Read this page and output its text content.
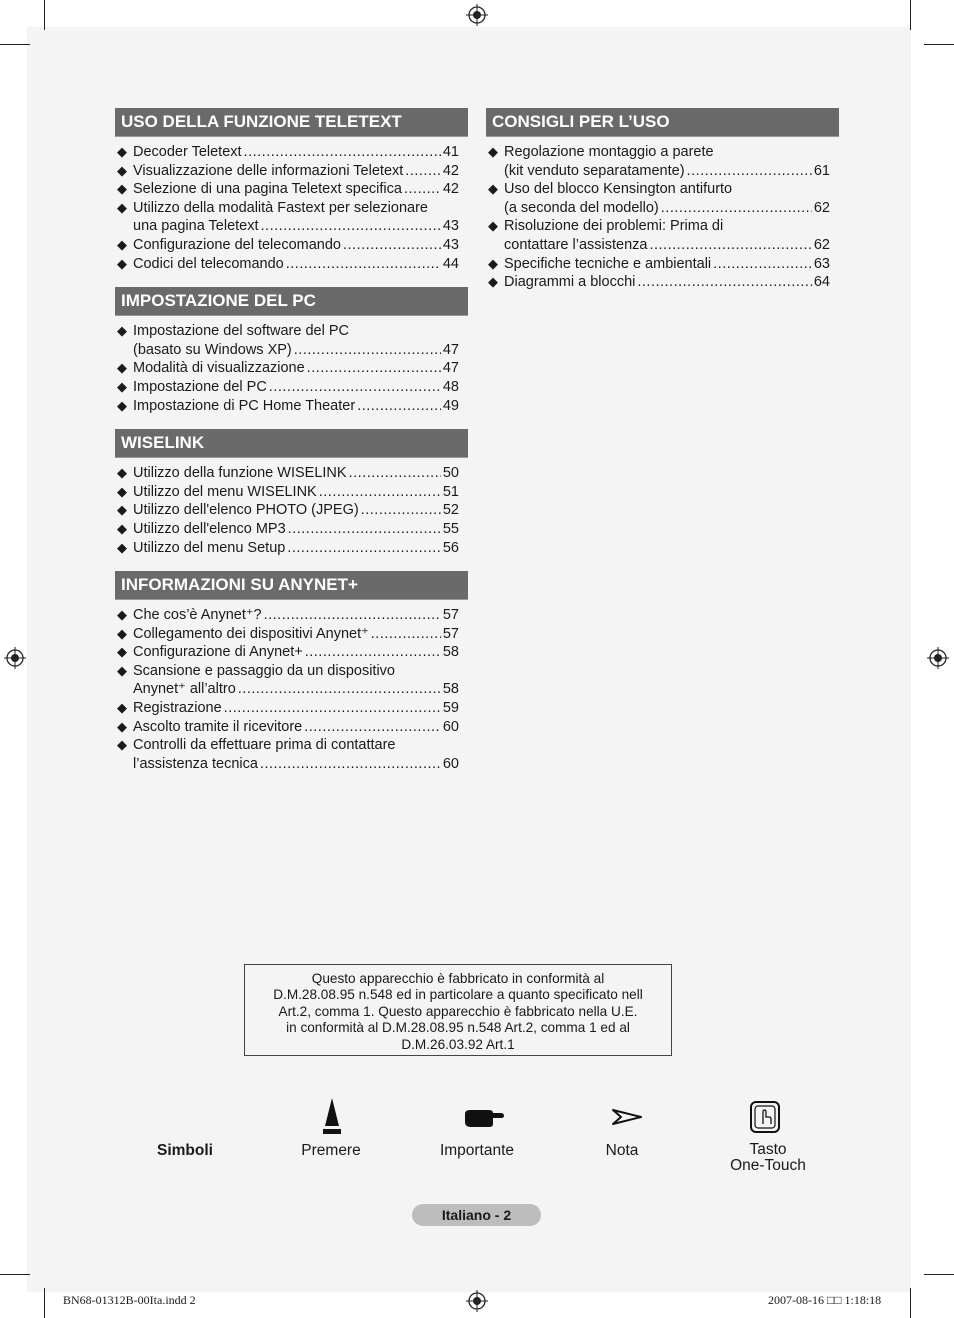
USO DELLA FUNZIONE TELETEXT
◆ Decoder Teletext .....	41
◆ Visualizzazione delle informazioni Teletext .....	42
◆ Selezione di una pagina Teletext specifica .....	42
◆ Utilizzo della modalità Fastext per selezionare
una pagina Teletext .....	43
◆ Configurazione del telecomando .....	43
◆ Codici del telecomando .....	44
IMPOSTAZIONE DEL PC
◆ Impostazione del software del PC
(basato su Windows XP) .....	47
◆ Modalità di visualizzazione .....	47
◆ Impostazione del PC .....	48
◆ Impostazione di PC Home Theater .....	49
WISELINK
◆ Utilizzo della funzione WISELINK .....	50
◆ Utilizzo del menu WISELINK .....	51
◆ Utilizzo dell'elenco PHOTO (JPEG) .....	52
◆ Utilizzo dell'elenco MP3 .....	55
◆ Utilizzo del menu Setup .....	56
INFORMAZIONI SU ANYNET+
◆ Che cos’è Anynet⁺? .....	57
◆ Collegamento dei dispositivi Anynet⁺ .....	57
◆ Configurazione di Anynet+ .....	58
◆ Scansione e passaggio da un dispositivo
Anynet⁺ all’altro .....	58
◆ Registrazione .....	59
◆ Ascolto tramite il ricevitore .....	60
◆ Controlli da effettuare prima di contattare
l’assistenza tecnica .....	60
CONSIGLI PER L’USO
◆ Regolazione montaggio a parete
(kit venduto separatamente) .....	61
◆ Uso del blocco Kensington antifurto
(a seconda del modello) .....	62
◆ Risoluzione dei problemi: Prima di
contattare l’assistenza .....	62
◆ Specifiche tecniche e ambientali .....	63
◆ Diagrammi a blocchi .....	64
Questo apparecchio è fabbricato in conformità al
D.M.28.08.95 n.548 ed in particolare a quanto specificato nell
Art.2, comma 1. Questo apparecchio è fabbricato nella U.E.
in conformità al D.M.28.08.95 n.548 Art.2, comma 1 ed al
D.M.26.03.92 Art.1
Simboli	Premere	Importante	Nota	Tasto
One-Touch
Italiano - 2
BN68-01312B-00Ita.indd 2	2007-08-16 □□ 1:18:18
